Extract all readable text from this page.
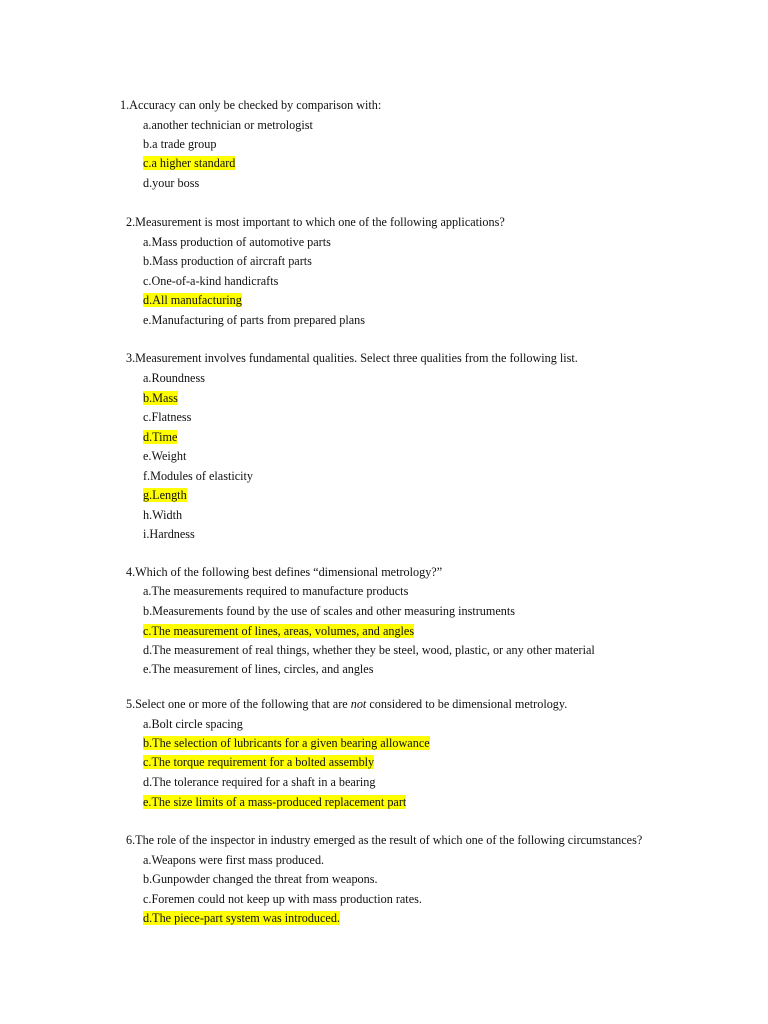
1.Accuracy can only be checked by comparison with:
a.another technician or metrologist
b.a trade group
c.a higher standard
d.your boss
2.Measurement is most important to which one of the following applications?
a.Mass production of automotive parts
b.Mass production of aircraft parts
c.One-of-a-kind handicrafts
d.All manufacturing
e.Manufacturing of parts from prepared plans
3.Measurement involves fundamental qualities. Select three qualities from the following list.
a.Roundness
b.Mass
c.Flatness
d.Time
e.Weight
f.Modules of elasticity
g.Length
h.Width
i.Hardness
4.Which of the following best defines “dimensional metrology?”
a.The measurements required to manufacture products
b.Measurements found by the use of scales and other measuring instruments
c.The measurement of lines, areas, volumes, and angles
d.The measurement of real things, whether they be steel, wood, plastic, or any other material
e.The measurement of lines, circles, and angles
5.Select one or more of the following that are not considered to be dimensional metrology.
a.Bolt circle spacing
b.The selection of lubricants for a given bearing allowance
c.The torque requirement for a bolted assembly
d.The tolerance required for a shaft in a bearing
e.The size limits of a mass-produced replacement part
6.The role of the inspector in industry emerged as the result of which one of the following circumstances?
a.Weapons were first mass produced.
b.Gunpowder changed the threat from weapons.
c.Foremen could not keep up with mass production rates.
d.The piece-part system was introduced.
